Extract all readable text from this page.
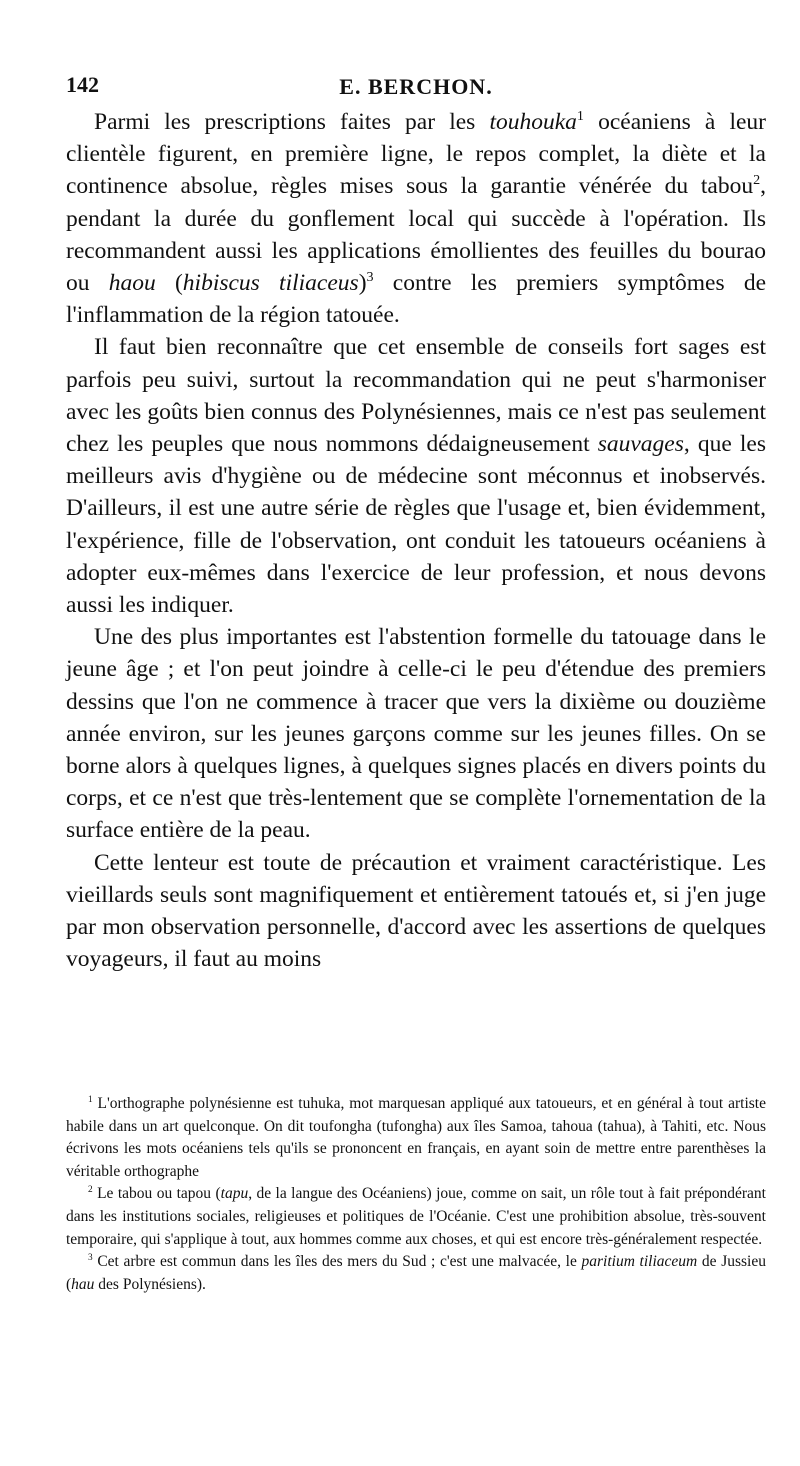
142	E. BERCHON.

Parmi les prescriptions faites par les touhouka$^1$ océaniens à leur clientèle figurent, en première ligne, le repos complet, la diète et la continence absolue, règles mises sous la garantie vénérée du tabou$^2$, pendant la durée du gonflement local qui succède à l'opération. Ils recommandent aussi les applications émollientes des feuilles du bourao ou haou (hibiscus tiliaceus)$^3$ contre les premiers symptômes de l'inflammation de la région tatouée.

Il faut bien reconnaître que cet ensemble de conseils fort sages est parfois peu suivi, surtout la recommandation qui ne peut s'harmoniser avec les goûts bien connus des Polynésiennes, mais ce n'est pas seulement chez les peuples que nous nommons dédaigneusement sauvages, que les meilleurs avis d'hygiène ou de médecine sont méconnus et inobservés. D'ailleurs, il est une autre série de règles que l'usage et, bien évidemment, l'expérience, fille de l'observation, ont conduit les tatoueurs océaniens à adopter eux-mêmes dans l'exercice de leur profession, et nous devons aussi les indiquer.

Une des plus importantes est l'abstention formelle du tatouage dans le jeune âge ; et l'on peut joindre à celle-ci le peu d'étendue des premiers dessins que l'on ne commence à tracer que vers la dixième ou douzième année environ, sur les jeunes garçons comme sur les jeunes filles. On se borne alors à quelques lignes, à quelques signes placés en divers points du corps, et ce n'est que très-lentement que se complète l'ornementation de la surface entière de la peau.

Cette lenteur est toute de précaution et vraiment caractéristique. Les vieillards seuls sont magnifiquement et entièrement tatoués et, si j'en juge par mon observation personnelle, d'accord avec les assertions de quelques voyageurs, il faut au moins

$^1$ L'orthographe polynésienne est tuhuka, mot marquesan appliqué aux tatoueurs, et en général à tout artiste habile dans un art quelconque. On dit toufongha (tufongha) aux îles Samoa, tahoua (tahua), à Tahiti, etc. Nous écrivons les mots océaniens tels qu'ils se prononcent en français, en ayant soin de mettre entre parenthèses la véritable orthographe

$^2$ Le tabou ou tapou (tapu, de la langue des Océaniens) joue, comme on sait, un rôle tout à fait prépondérant dans les institutions sociales, religieuses et politiques de l'Océanie. C'est une prohibition absolue, très-souvent temporaire, qui s'applique à tout, aux hommes comme aux choses, et qui est encore très-généralement respectée.

$^3$ Cet arbre est commun dans les îles des mers du Sud ; c'est une malvacée, le paritium tiliaceum de Jussieu (hau des Polynésiens).
